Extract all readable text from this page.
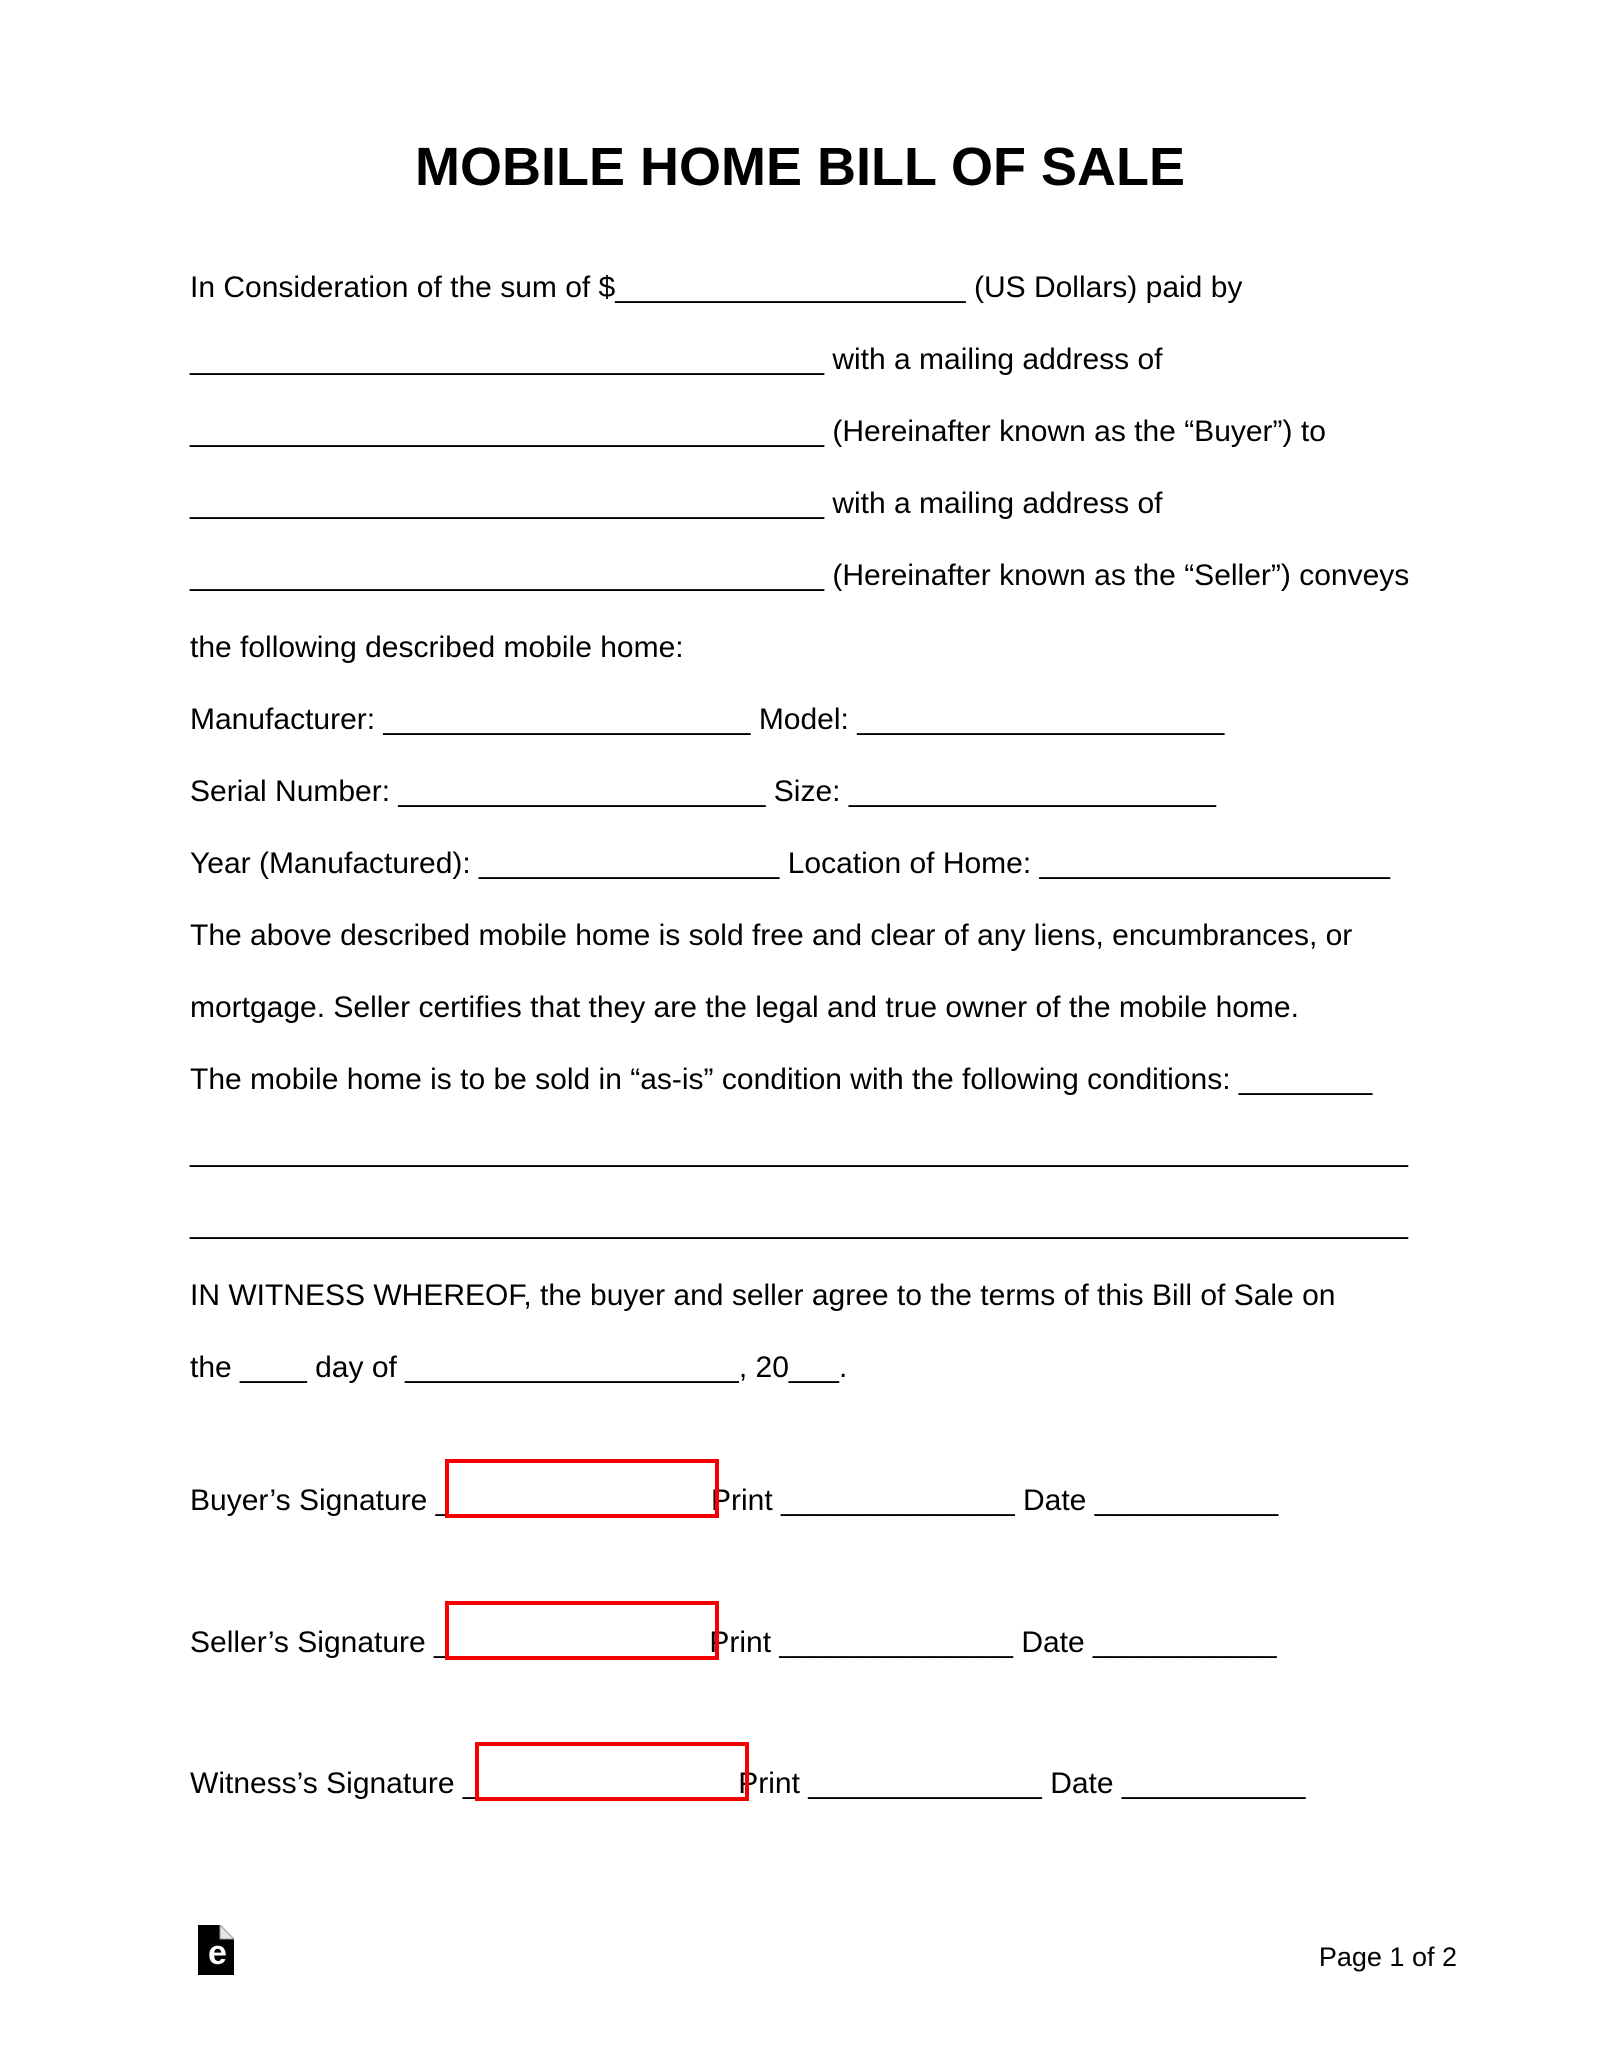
MOBILE HOME BILL OF SALE
In Consideration of the sum of $_____________________ (US Dollars) paid by
______________________________________ with a mailing address of
______________________________________ (Hereinafter known as the “Buyer”) to
______________________________________ with a mailing address of
______________________________________ (Hereinafter known as the “Seller”) conveys
the following described mobile home:
Manufacturer: ______________________ Model: ______________________
Serial Number: ______________________ Size: ______________________
Year (Manufactured): __________________ Location of Home: _____________________
The above described mobile home is sold free and clear of any liens, encumbrances, or
mortgage. Seller certifies that they are the legal and true owner of the mobile home.
The mobile home is to be sold in “as-is” condition with the following conditions: ________
_________________________________________________________________________
_________________________________________________________________________
IN WITNESS WHEREOF, the buyer and seller agree to the terms of this Bill of Sale on
the ____ day of ____________________, 20___.
Buyer’s Signature ________________ Print ______________ Date ___________
Seller’s Signature ________________ Print ______________ Date ___________
Witness’s Signature ________________ Print ______________ Date ___________
e	Page 1 of 2
